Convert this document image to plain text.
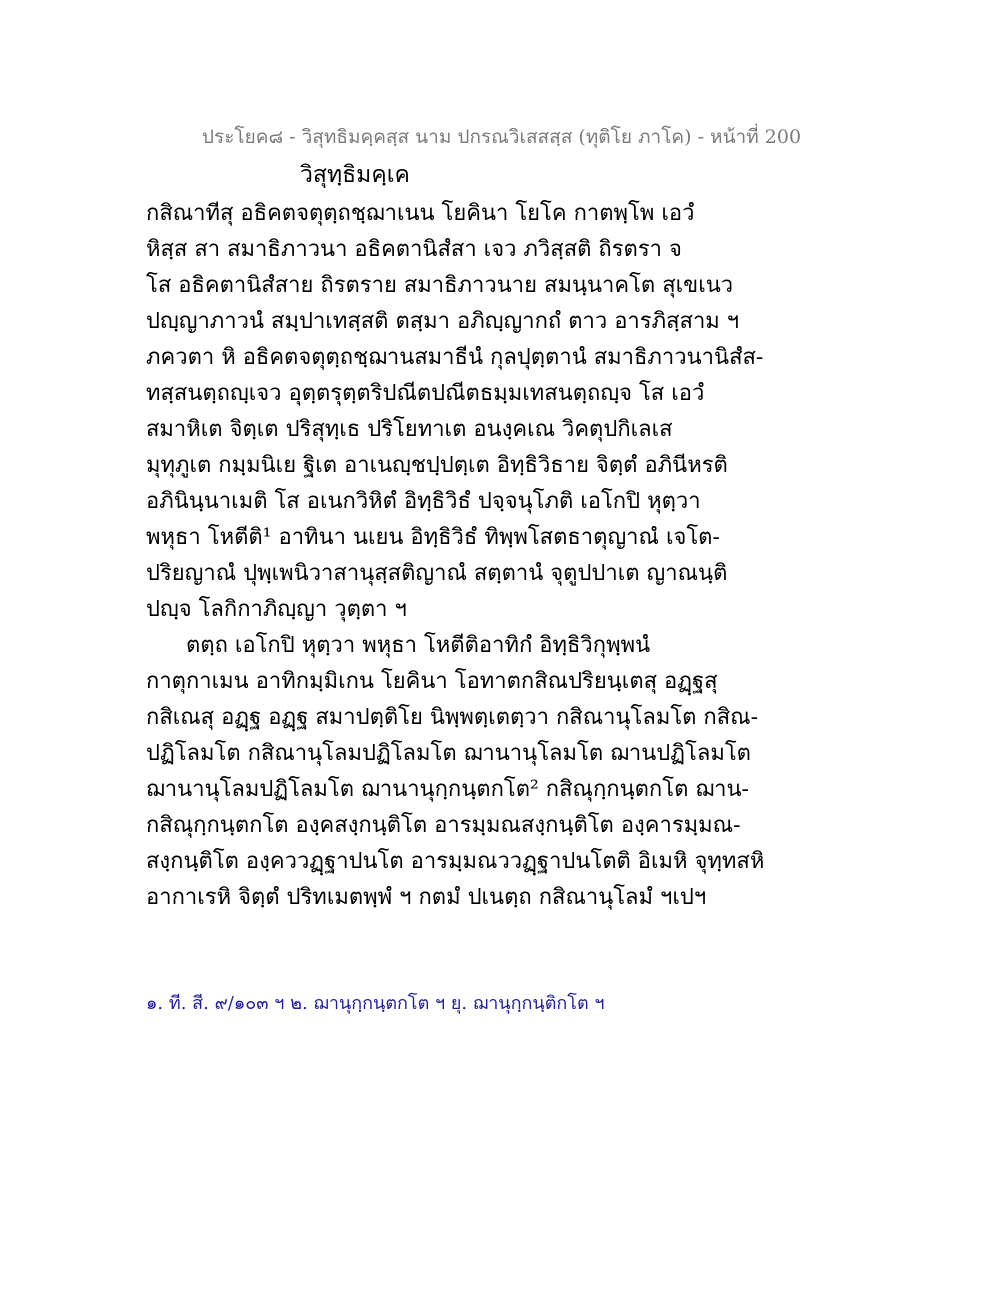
ประโยค๘ - วิสุทธิมคฺคสฺส นาม ปกรณวิเสสสฺส (ทุติโย ภาโค) - หน้าที่ 200
วิสุทฺธิมคฺเค
กสิณาทีสุ อธิคตจตุตฺถชฺฌาเนน โยคินา โยโค กาตพฺโพ เอวํ
หิสฺส สา สมาธิภาวนา อธิคตานิสํสา เจว ภวิสฺสติ ถิรตรา จ
โส อธิคตานิสํสาย ถิรตราย สมาธิภาวนาย สมนฺนาคโต สุเขเนว
ปญฺญาภาวนํ สมฺปาเทสฺสติ ตสฺมา อภิญฺญากถํ ตาว อารภิสฺสาม ฯ
ภควตา หิ อธิคตจตุตฺถชฺฌานสมาธีนํ กุลปุตฺตานํ สมาธิภาวนานิสํส-
ทสฺสนตฺถญฺเจว อุตฺตรุตฺตริปณีตปณีตธมฺมเทสนตฺถญฺจ โส เอวํ
สมาหิเต จิตฺเต ปริสุทฺเธ ปริโยทาเต อนงฺคเณ วิคตุปกิเลเส
มุทุภูเต กมฺมนิเย ฐิเต อาเนญฺชปฺปตฺเต อิทฺธิวิธาย จิตฺตํ อภินีหรติ
อภินินฺนาเมติ โส อเนกวิหิตํ อิทฺธิวิธํ ปจฺจนุโภติ เอโกปิ หุตฺวา
พหุธา โหตีติ¹ อาทินา นเยน อิทฺธิวิธํ ทิพฺพโสตธาตุญาณํ เจโต-
ปริยญาณํ ปุพฺเพนิวาสานุสฺสติญาณํ สตฺตานํ จุตูปปาเต ญาณนฺติ
ปญฺจ โลกิกาภิญฺญา วุตฺตา ฯ
ตตฺถ เอโกปิ หุตฺวา พหุธา โหตีติอาทิกํ อิทฺธิวิกุพฺพนํ
กาตุกาเมน อาทิกมฺมิเกน โยคินา โอทาตกสิณปริยนฺเตสุ อฏฺฐสุ
กสิเณสุ อฏฺฐ อฏฺฐ สมาปตฺติโย นิพฺพตฺเตตฺวา กสิณานุโลมโต กสิณ-
ปฏิโลมโต กสิณานุโลมปฏิโลมโต ฌานานุโลมโต ฌานปฏิโลมโต
ฌานานุโลมปฏิโลมโต ฌานานุกฺกนฺตกโต² กสิณุกฺกนฺตกโต ฌาน-
กสิณุกฺกนฺตกโต องฺคสงฺกนฺติโต อารมฺมณสงฺกนฺติโต องฺคารมฺมณ-
สงฺกนฺติโต องฺคววฏฺฐาปนโต อารมฺมณววฏฺฐาปนโตติ อิเมหิ จุทฺทสหิ
อากาเรหิ จิตฺตํ ปริทเมตพฺพํ ฯ กตมํ ปเนตฺถ กสิณานุโลมํ ฯเปฯ
๑. ที. สี. ๙/๑๐๓ ฯ ๒. ฌานุกฺกนฺตกโต ฯ ยุ. ฌานุกฺกนฺติกโต ฯ
